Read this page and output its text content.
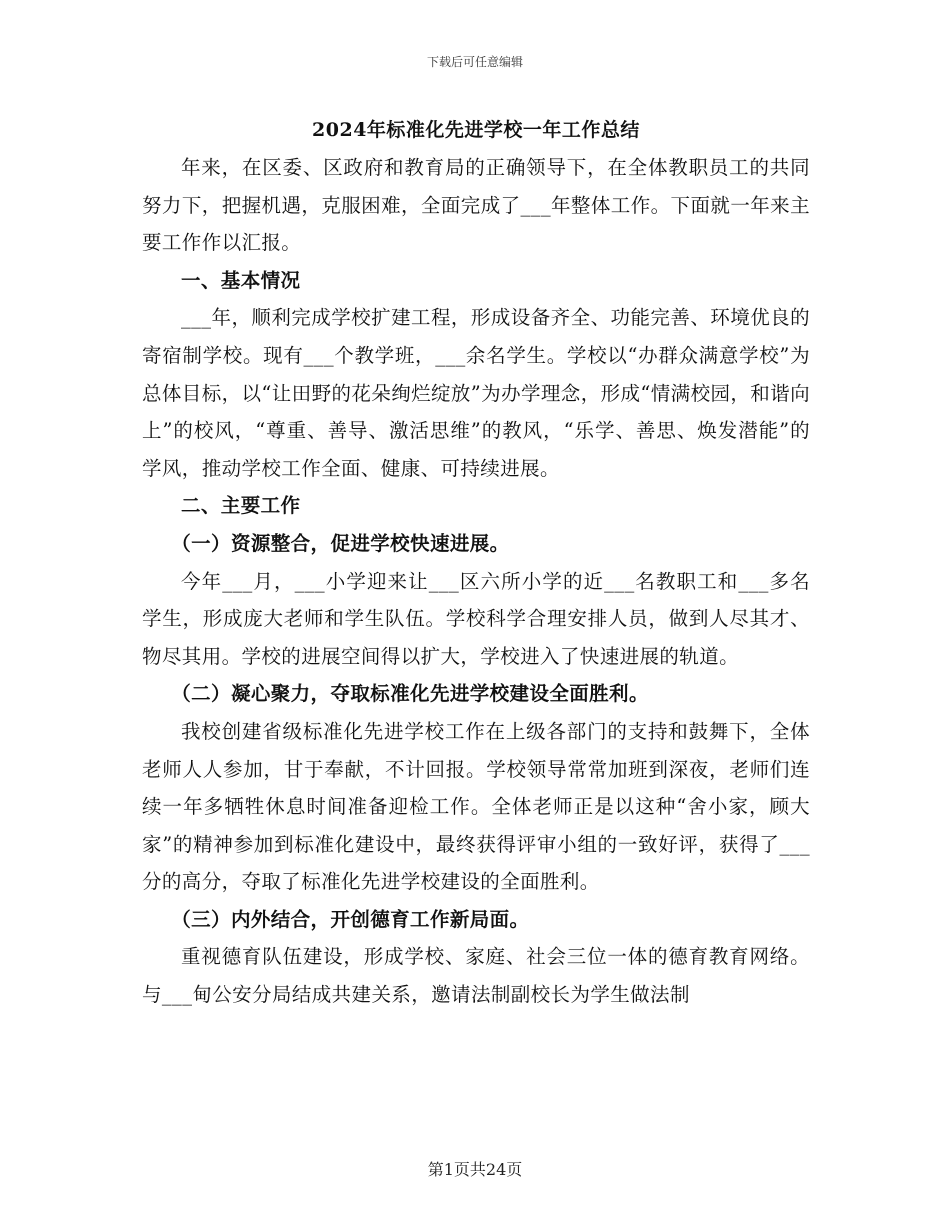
下载后可任意编辑
2024年标准化先进学校一年工作总结

年来，在区委、区政府和教育局的正确领导下，在全体教职员工的共同努力下，把握机遇，克服困难，全面完成了___年整体工作。下面就一年来主要工作作以汇报。

一、基本情况

___年，顺利完成学校扩建工程，形成设备齐全、功能完善、环境优良的寄宿制学校。现有___个教学班，___余名学生。学校以“办群众满意学校”为总体目标，以“让田野的花朵绚烂绽放”为办学理念，形成“情满校园，和谐向上”的校风，“尊重、善导、激活思维”的教风，“乐学、善思、焕发潜能”的学风，推动学校工作全面、健康、可持续进展。

二、主要工作

（一）资源整合，促进学校快速进展。

今年___月，___小学迎来让___区六所小学的近___名教职工和___多名学生，形成庞大老师和学生队伍。学校科学合理安排人员，做到人尽其才、物尽其用。学校的进展空间得以扩大，学校进入了快速进展的轨道。

（二）凝心聚力，夺取标准化先进学校建设全面胜利。

我校创建省级标准化先进学校工作在上级各部门的支持和鼓舞下，全体老师人人参加，甘于奉献，不计回报。学校领导常常加班到深夜，老师们连续一年多牺牲休息时间准备迎检工作。全体老师正是以这种“舍小家，顾大家”的精神参加到标准化建设中，最终获得评审小组的一致好评，获得了___分的高分，夺取了标准化先进学校建设的全面胜利。

（三）内外结合，开创德育工作新局面。

重视德育队伍建设，形成学校、家庭、社会三位一体的德育教育网络。与___甸公安分局结成共建关系，邀请法制副校长为学生做法制

第1页共24页
